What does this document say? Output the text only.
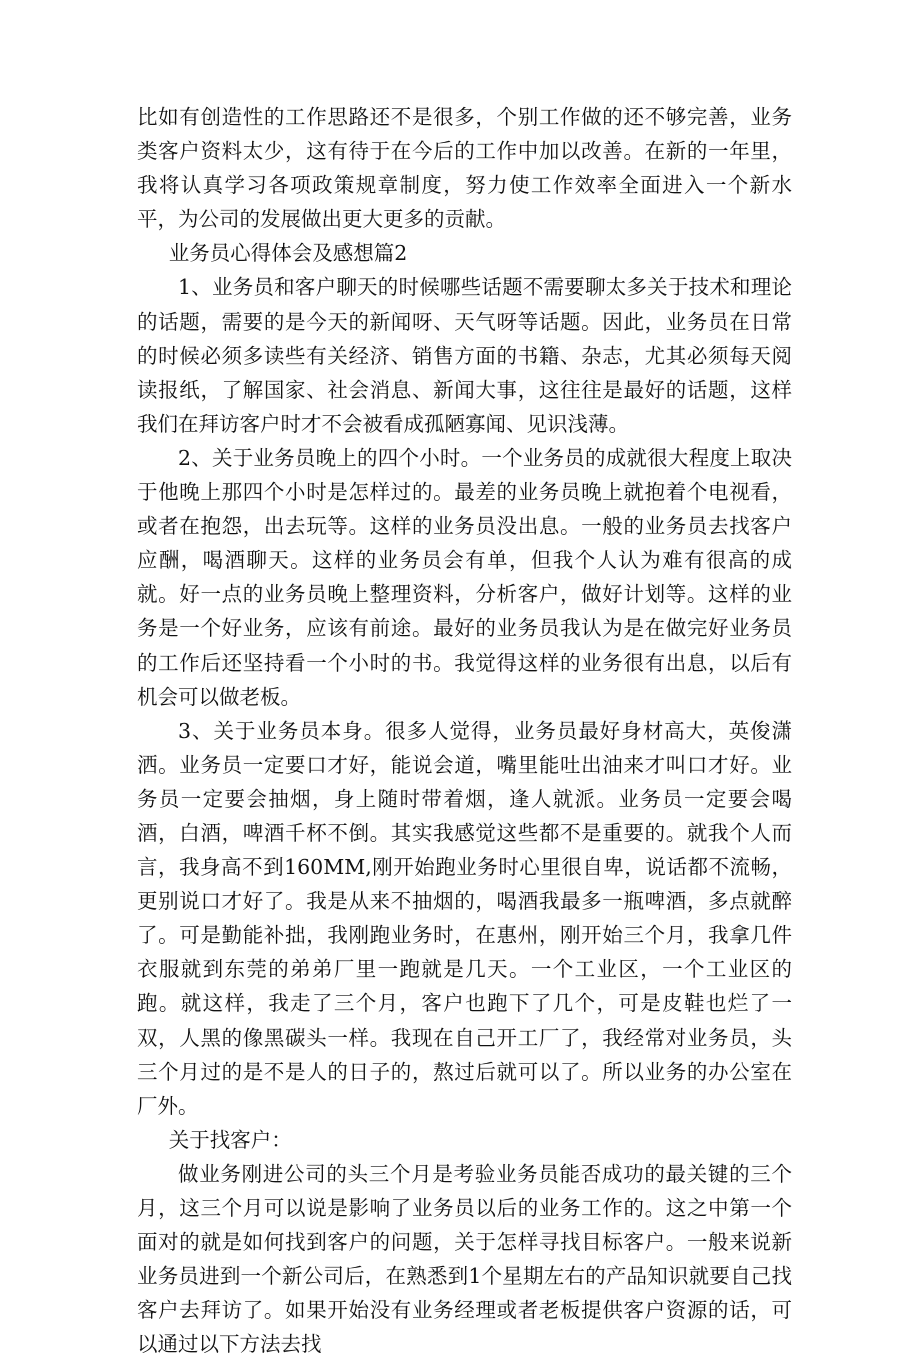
比如有创造性的工作思路还不是很多，个别工作做的还不够完善，业务类客户资料太少，这有待于在今后的工作中加以改善。在新的一年里，我将认真学习各项政策规章制度，努力使工作效率全面进入一个新水平，为公司的发展做出更大更多的贡献。

业务员心得体会及感想篇2

1、业务员和客户聊天的时候哪些话题不需要聊太多关于技术和理论的话题，需要的是今天的新闻呀、天气呀等话题。因此，业务员在日常的时候必须多读些有关经济、销售方面的书籍、杂志，尤其必须每天阅读报纸，了解国家、社会消息、新闻大事，这往往是最好的话题，这样我们在拜访客户时才不会被看成孤陋寡闻、见识浅薄。

2、关于业务员晚上的四个小时。一个业务员的成就很大程度上取决于他晚上那四个小时是怎样过的。最差的业务员晚上就抱着个电视看，或者在抱怨，出去玩等。这样的业务员没出息。一般的业务员去找客户应酬，喝酒聊天。这样的业务员会有单，但我个人认为难有很高的成就。好一点的业务员晚上整理资料，分析客户，做好计划等。这样的业务是一个好业务，应该有前途。最好的业务员我认为是在做完好业务员的工作后还坚持看一个小时的书。我觉得这样的业务很有出息，以后有机会可以做老板。

3、关于业务员本身。很多人觉得，业务员最好身材高大，英俊潇洒。业务员一定要口才好，能说会道，嘴里能吐出油来才叫口才好。业务员一定要会抽烟，身上随时带着烟，逢人就派。业务员一定要会喝酒，白酒，啤酒千杯不倒。其实我感觉这些都不是重要的。就我个人而言，我身高不到160MM,刚开始跑业务时心里很自卑，说话都不流畅，更别说口才好了。我是从来不抽烟的，喝酒我最多一瓶啤酒，多点就醉了。可是勤能补拙，我刚跑业务时，在惠州，刚开始三个月，我拿几件衣服就到东莞的弟弟厂里一跑就是几天。一个工业区，一个工业区的跑。就这样，我走了三个月，客户也跑下了几个，可是皮鞋也烂了一双，人黑的像黑碳头一样。我现在自己开工厂了，我经常对业务员，头三个月过的是不是人的日子的，熬过后就可以了。所以业务的办公室在厂外。

关于找客户：

做业务刚进公司的头三个月是考验业务员能否成功的最关键的三个月，这三个月可以说是影响了业务员以后的业务工作的。这之中第一个面对的就是如何找到客户的问题，关于怎样寻找目标客户。一般来说新业务员进到一个新公司后，在熟悉到1个星期左右的产品知识就要自己找客户去拜访了。如果开始没有业务经理或者老板提供客户资源的话，可以通过以下方法去找
